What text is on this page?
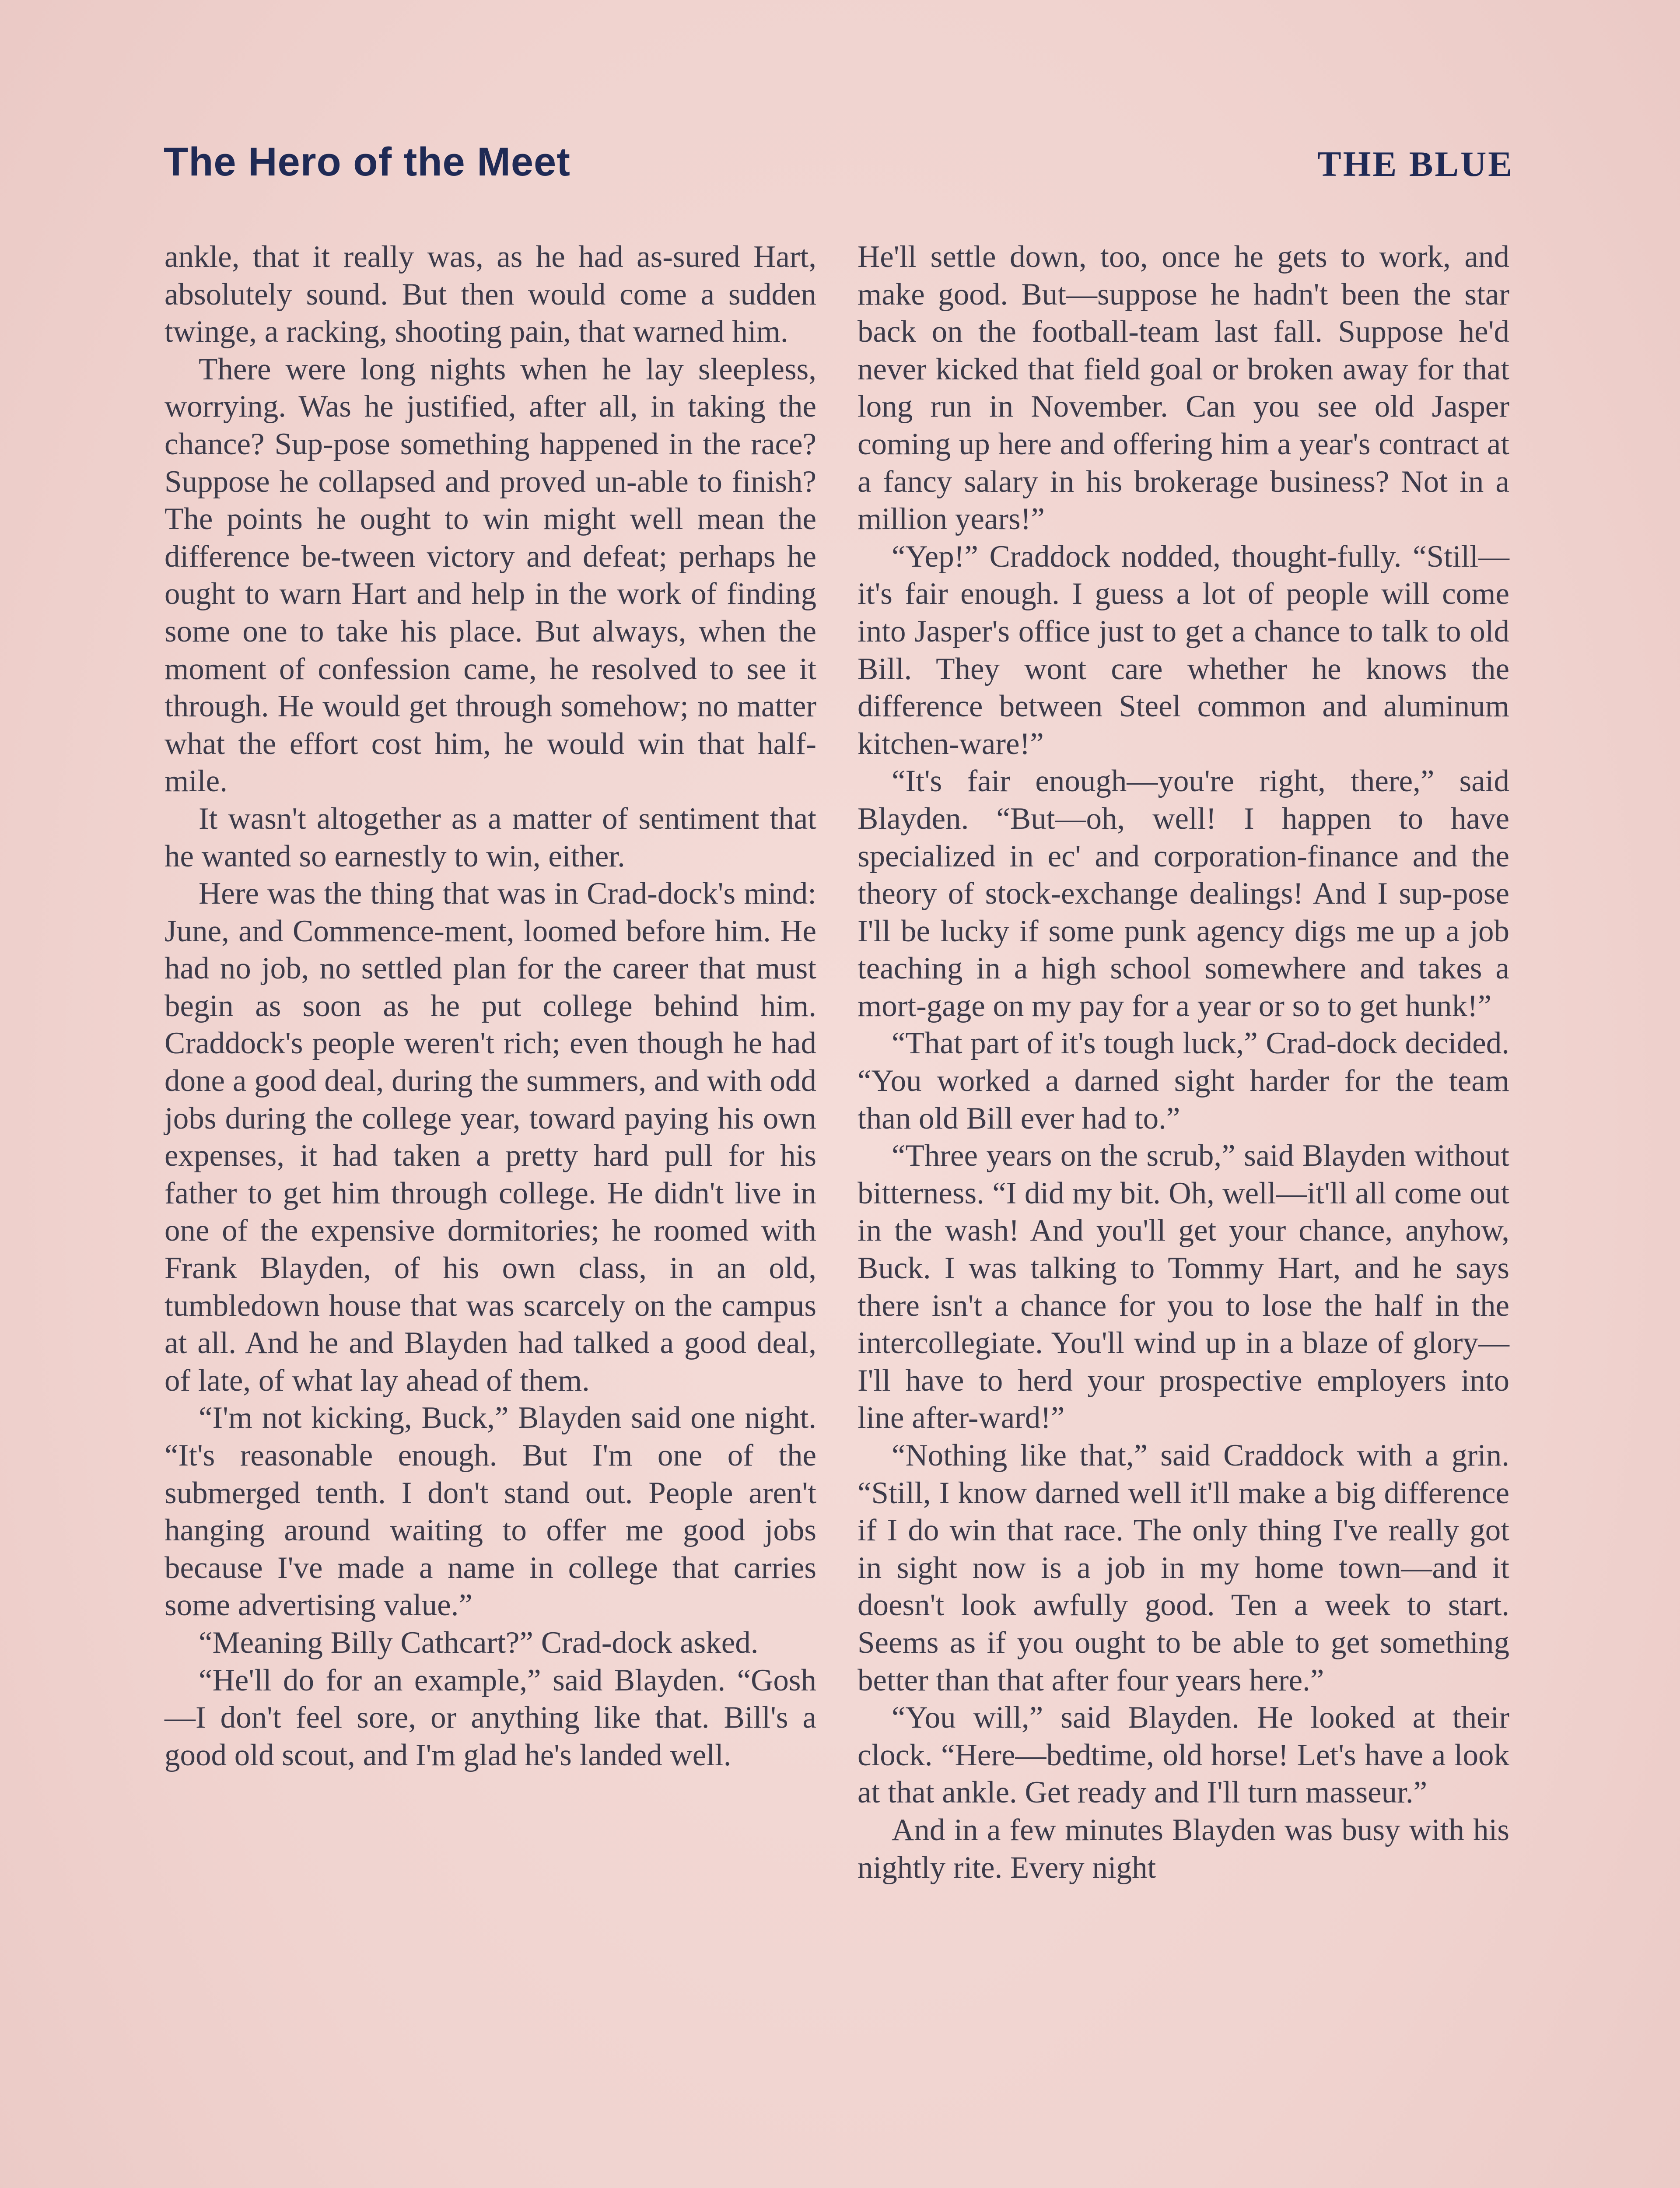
The Hero of the Meet	THE BLUE

ankle, that it really was, as he had as-sured Hart, absolutely sound. But then would come a sudden twinge, a racking, shooting pain, that warned him.

There were long nights when he lay sleepless, worrying. Was he justified, after all, in taking the chance? Sup-pose something happened in the race? Suppose he collapsed and proved un-able to finish? The points he ought to win might well mean the difference be-tween victory and defeat; perhaps he ought to warn Hart and help in the work of finding some one to take his place. But always, when the moment of confession came, he resolved to see it through. He would get through somehow; no matter what the effort cost him, he would win that half-mile.

It wasn't altogether as a matter of sentiment that he wanted so earnestly to win, either.

Here was the thing that was in Crad-dock's mind: June, and Commence-ment, loomed before him. He had no job, no settled plan for the career that must begin as soon as he put college behind him. Craddock's people weren't rich; even though he had done a good deal, during the summers, and with odd jobs during the college year, toward paying his own expenses, it had taken a pretty hard pull for his father to get him through college. He didn't live in one of the expensive dormitories; he roomed with Frank Blayden, of his own class, in an old, tumbledown house that was scarcely on the campus at all. And he and Blayden had talked a good deal, of late, of what lay ahead of them.

“I'm not kicking, Buck,” Blayden said one night. “It's reasonable enough. But I'm one of the submerged tenth. I don't stand out. People aren't hanging around waiting to offer me good jobs because I've made a name in college that carries some advertising value.”

“Meaning Billy Cathcart?” Crad-dock asked.

“He'll do for an example,” said Blayden. “Gosh—I don't feel sore, or anything like that. Bill's a good old scout, and I'm glad he's landed well.

He'll settle down, too, once he gets to work, and make good. But—suppose he hadn't been the star back on the football-team last fall. Suppose he'd never kicked that field goal or broken away for that long run in November. Can you see old Jasper coming up here and offering him a year's contract at a fancy salary in his brokerage business? Not in a million years!”

“Yep!” Craddock nodded, thought-fully. “Still—it's fair enough. I guess a lot of people will come into Jasper's office just to get a chance to talk to old Bill. They wont care whether he knows the difference between Steel common and aluminum kitchen-ware!”

“It's fair enough—you're right, there,” said Blayden. “But—oh, well! I happen to have specialized in ec' and corporation-finance and the theory of stock-exchange dealings! And I sup-pose I'll be lucky if some punk agency digs me up a job teaching in a high school somewhere and takes a mort-gage on my pay for a year or so to get hunk!”

“That part of it's tough luck,” Crad-dock decided. “You worked a darned sight harder for the team than old Bill ever had to.”

“Three years on the scrub,” said Blayden without bitterness. “I did my bit. Oh, well—it'll all come out in the wash! And you'll get your chance, anyhow, Buck. I was talking to Tommy Hart, and he says there isn't a chance for you to lose the half in the intercollegiate. You'll wind up in a blaze of glory—I'll have to herd your prospective employers into line after-ward!”

“Nothing like that,” said Craddock with a grin. “Still, I know darned well it'll make a big difference if I do win that race. The only thing I've really got in sight now is a job in my home town—and it doesn't look awfully good. Ten a week to start. Seems as if you ought to be able to get something better than that after four years here.”

“You will,” said Blayden. He looked at their clock. “Here—bedtime, old horse! Let's have a look at that ankle. Get ready and I'll turn masseur.”

And in a few minutes Blayden was busy with his nightly rite. Every night
